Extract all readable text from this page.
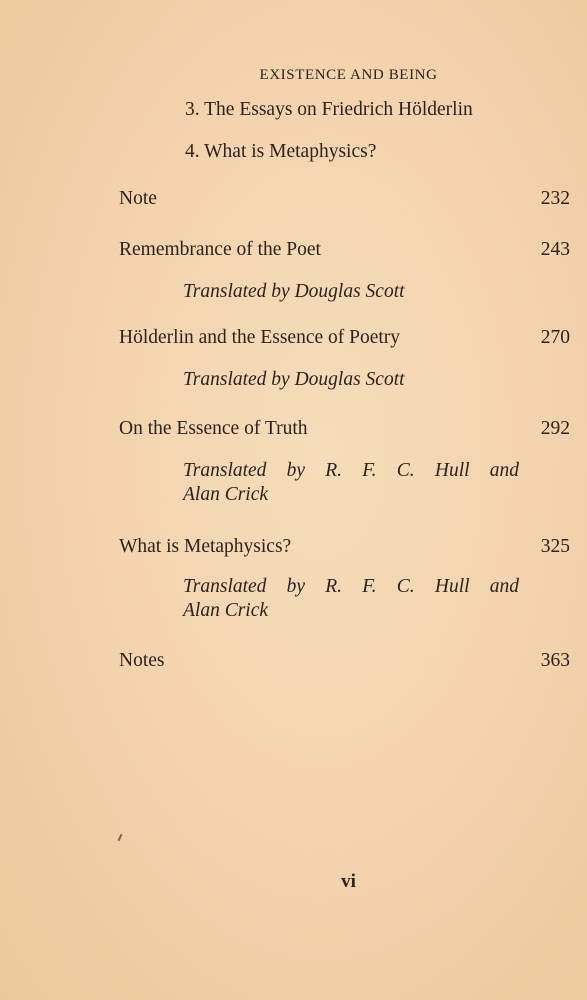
EXISTENCE AND BEING
3. The Essays on Friedrich Hölderlin
4. What is Metaphysics?
Note	232
Remembrance of the Poet	243
Translated by Douglas Scott
Hölderlin and the Essence of Poetry	270
Translated by Douglas Scott
On the Essence of Truth	292
Translated by R. F. C. Hull and
Alan Crick
What is Metaphysics?	325
Translated by R. F. C. Hull and
Alan Crick
Notes	363
vi
